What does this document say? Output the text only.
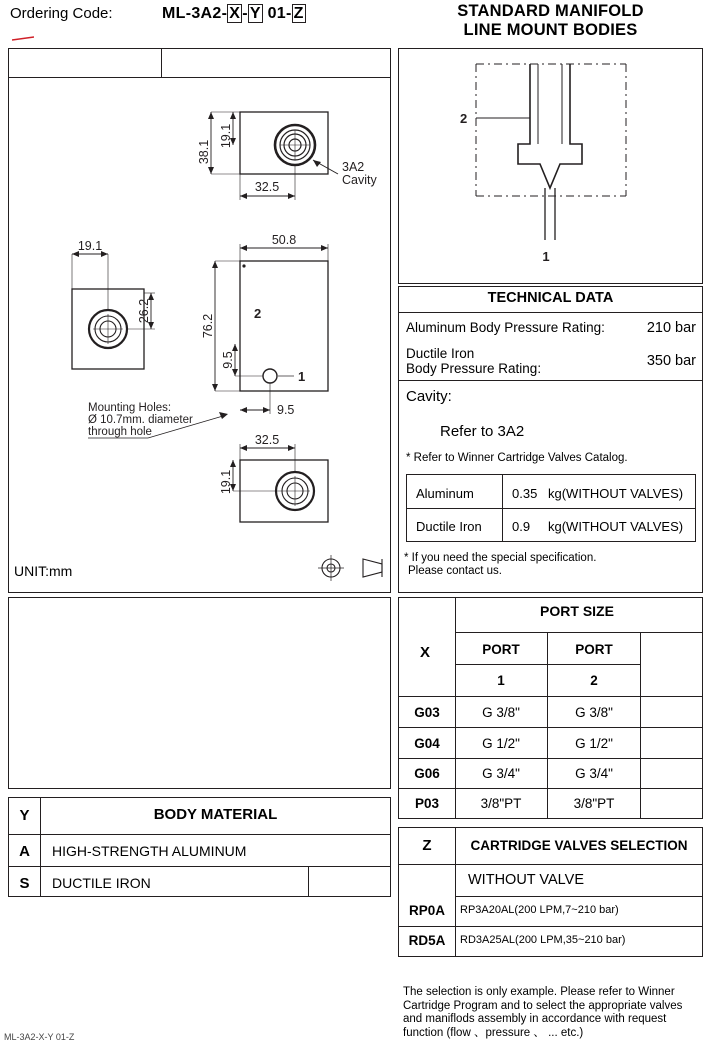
STANDARD MANIFOLD
LINE MOUNT BODIES
Ordering Code:	ML-3A2- X - Y 01- Z
38.1
19.1
32.5
3A2
Cavity
19.1
26.2
50.8
76.2
9.5
9.5
2
1
Mounting Holes:
Ø 10.7mm. diameter
through hole
32.5
19.1
UNIT:mm
2
1
TECHNICAL DATA
Aluminum Body Pressure Rating:	210 bar
Ductile Iron
Body Pressure Rating:	350 bar
Cavity:
Refer to 3A2
* Refer to Winner Cartridge Valves Catalog.
Aluminum	0.35 kg(WITHOUT VALVES)
Ductile Iron 0.9 kg(WITHOUT VALVES)
* If you need the special specification.
Please contact us.
PORT SIZE
X	PORT	PORT
1	2
G03	G 3/8"	G 3/8"
G04	G 1/2"	G 1/2"
G06	G 3/4"	G 3/4"
P03	3/8"PT	3/8"PT
Y	BODY MATERIAL
A	HIGH-STRENGTH ALUMINUM
S	DUCTILE IRON
Z	CARTRIDGE VALVES SELECTION
WITHOUT VALVE
RP0A	RP3A20AL(200 LPM,7~210 bar)
RD5A	RD3A25AL(200 LPM,35~210 bar)
The selection is only example. Please refer to Winner Cartridge Program and to select the appropriate valves and maniflods assembly in accordance with request function (flow 、pressure 、 ... etc.)
ML-3A2-X-Y 01-Z
